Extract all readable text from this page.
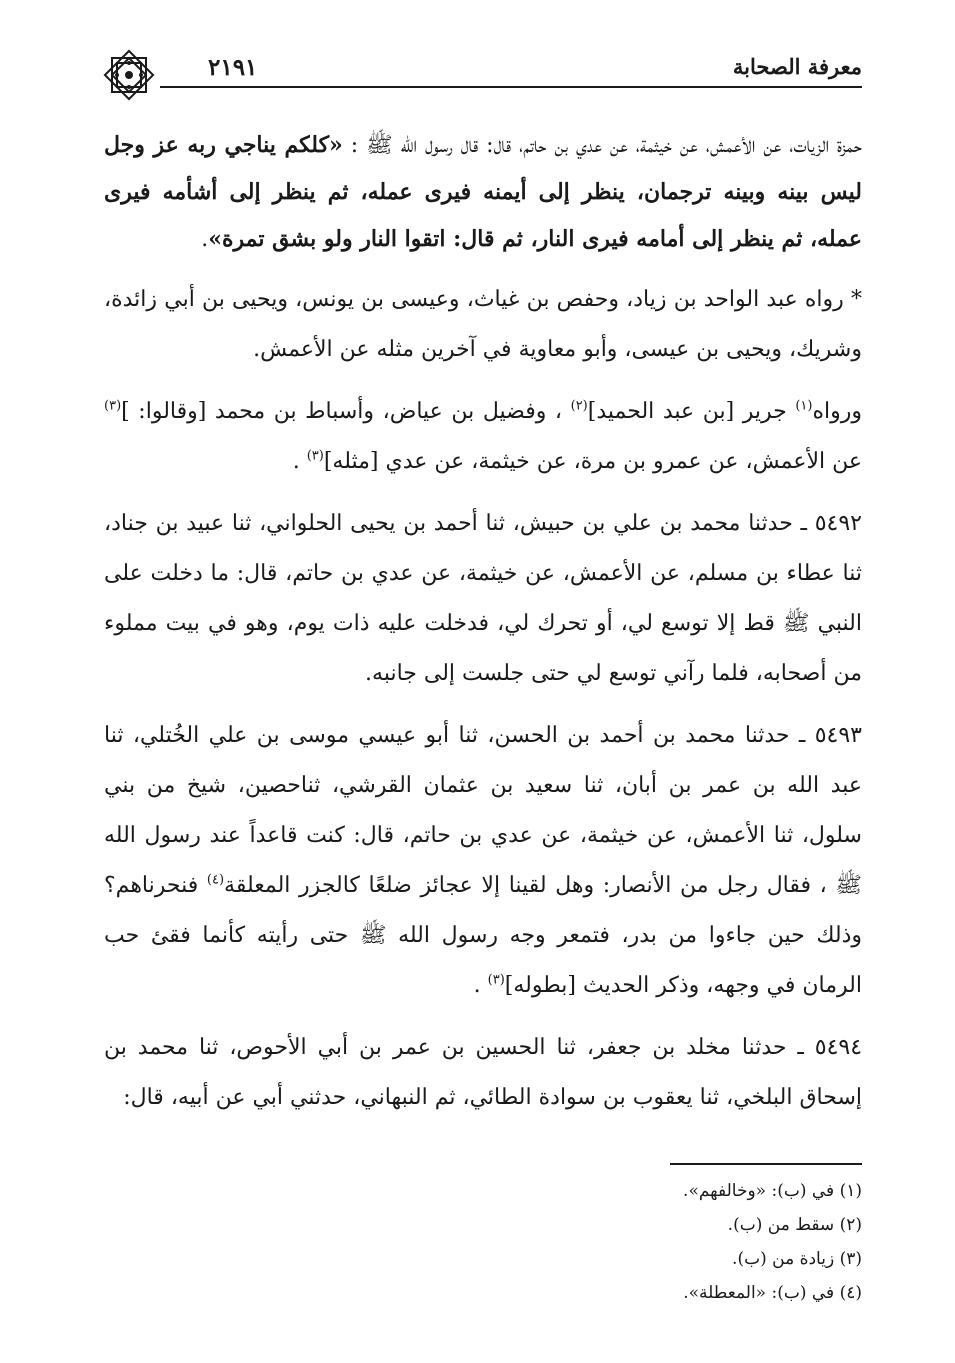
٢١٩١	معرفة الصحابة

حمزة الزيات، عن الأعمش، عن خيثمة، عن عدي بن حاتم، قال: قال رسول الله ﷺ : «كلكم يناجي ربه عز وجل ليس بينه وبينه ترجمان، ينظر إلى أيمنه فيرى عمله، ثم ينظر إلى أشأمه فيرى عمله، ثم ينظر إلى أمامه فيرى النار، ثم قال: اتقوا النار ولو بشق تمرة».

* رواه عبد الواحد بن زياد، وحفص بن غياث، وعيسى بن يونس، ويحيى بن أبي زائدة، وشريك، ويحيى بن عيسى، وأبو معاوية في آخرين مثله عن الأعمش.

ورواه$^{(١)}$ جرير [بن عبد الحميد]$^{(٢)}$ ، وفضيل بن عياض، وأسباط بن محمد [وقالوا: ]$^{(٣)}$ عن الأعمش، عن عمرو بن مرة، عن خيثمة، عن عدي [مثله]$^{(٣)}$ .

٥٤٩٢ ـ حدثنا محمد بن علي بن حبيش، ثنا أحمد بن يحيى الحلواني، ثنا عبيد بن جناد، ثنا عطاء بن مسلم، عن الأعمش، عن خيثمة، عن عدي بن حاتم، قال: ما دخلت على النبي ﷺ قط إلا توسع لي، أو تحرك لي، فدخلت عليه ذات يوم، وهو في بيت مملوء من أصحابه، فلما رآني توسع لي حتى جلست إلى جانبه.

٥٤٩٣ ـ حدثنا محمد بن أحمد بن الحسن، ثنا أبو عيسي موسى بن علي الخُتلي، ثنا عبد الله بن عمر بن أبان، ثنا سعيد بن عثمان القرشي، ثناحصين، شيخ من بني سلول، ثنا الأعمش، عن خيثمة، عن عدي بن حاتم، قال: كنت قاعداً عند رسول الله ﷺ ، فقال رجل من الأنصار: وهل لقينا إلا عجائز ضلعًا كالجزر المعلقة$^{(٤)}$ فنحرناهم؟ وذلك حين جاءوا من بدر، فتمعر وجه رسول الله ﷺ حتى رأيته كأنما فقئ حب الرمان في وجهه، وذكر الحديث [بطوله]$^{(٣)}$ .

٥٤٩٤ ـ حدثنا مخلد بن جعفر، ثنا الحسين بن عمر بن أبي الأحوص، ثنا محمد بن إسحاق البلخي، ثنا يعقوب بن سوادة الطائي، ثم النبهاني، حدثني أبي عن أبيه، قال:

(١) في (ب): «وخالفهم».
(٢) سقط من (ب).
(٣) زيادة من (ب).
(٤) في (ب): «المعطلة».
